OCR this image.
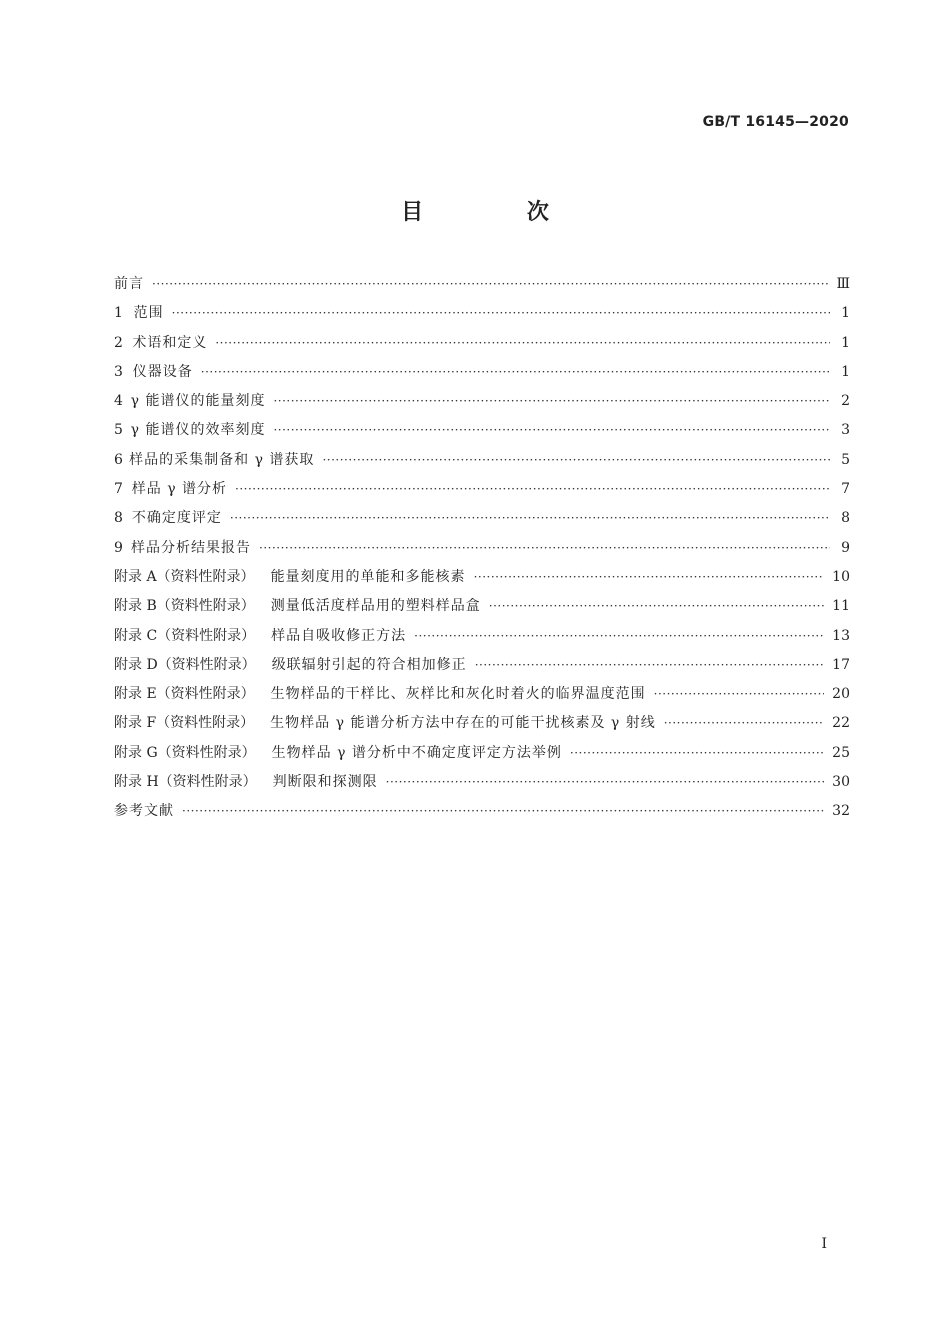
GB/T 16145—2020
目 次
前言 ·····	Ⅲ
1 范围 ·····	1
2 术语和定义 ·····	1
3 仪器设备 ·····	1
4 γ 能谱仪的能量刻度 ·····	2
5 γ 能谱仪的效率刻度 ·····	3
6 样品的采集制备和 γ 谱获取 ·····	5
7 样品 γ 谱分析 ·····	7
8 不确定度评定 ·····	8
9 样品分析结果报告 ·····	9
附录 A（资料性附录） 能量刻度用的单能和多能核素 ·····	10
附录 B（资料性附录） 测量低活度样品用的塑料样品盒 ·····	11
附录 C（资料性附录） 样品自吸收修正方法 ·····	13
附录 D（资料性附录） 级联辐射引起的符合相加修正 ·····	17
附录 E（资料性附录） 生物样品的干样比、灰样比和灰化时着火的临界温度范围 ·····	20
附录 F（资料性附录） 生物样品 γ 能谱分析方法中存在的可能干扰核素及 γ 射线 ·····	22
附录 G（资料性附录） 生物样品 γ 谱分析中不确定度评定方法举例 ·····	25
附录 H（资料性附录） 判断限和探测限 ·····	30
参考文献 ·····	32
I
